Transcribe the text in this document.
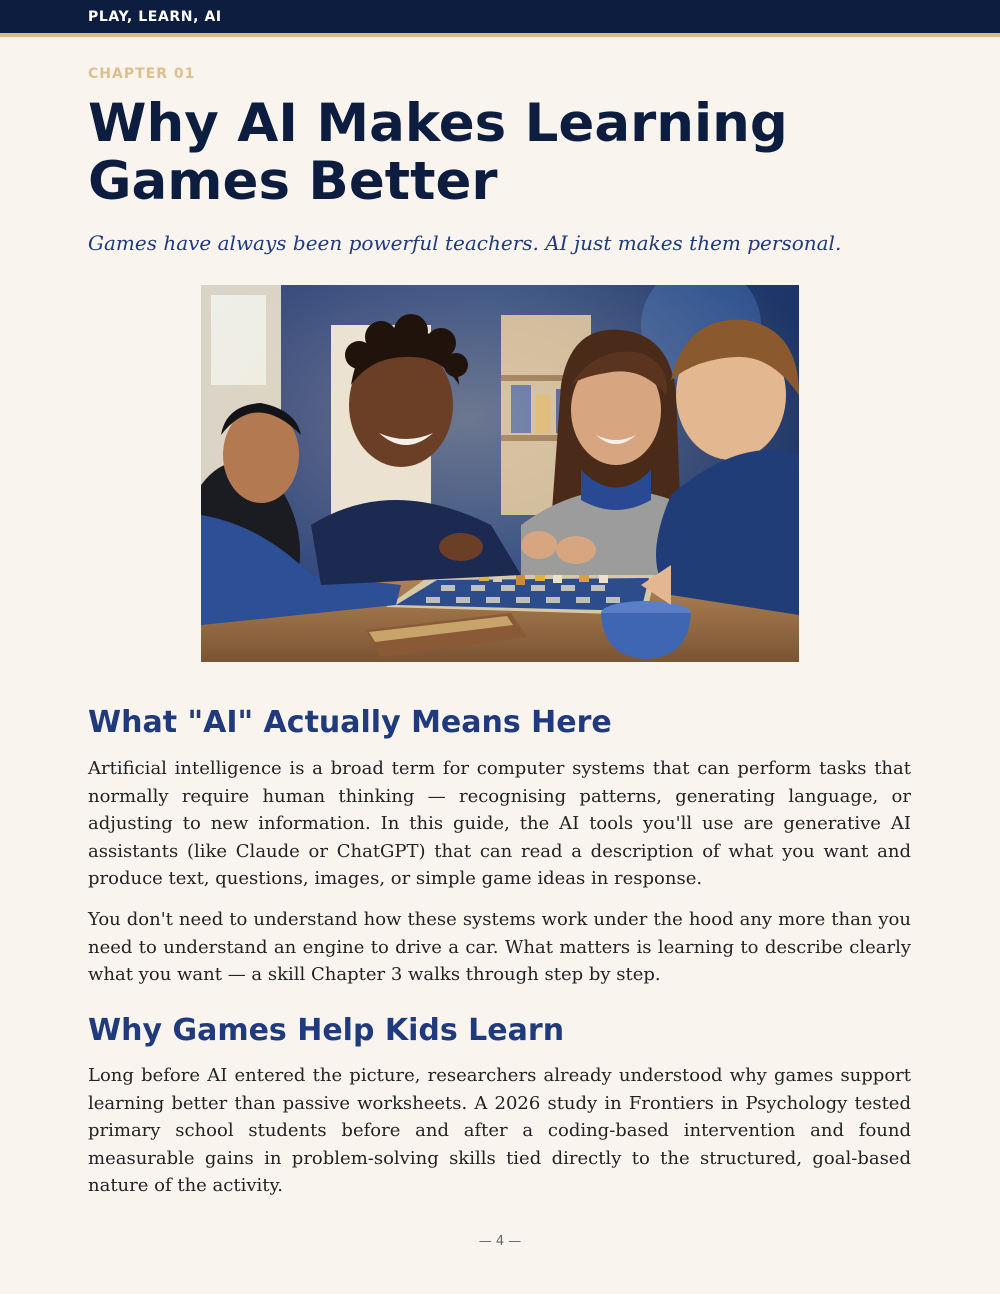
PLAY, LEARN, AI
CHAPTER 01
Why AI Makes Learning Games Better

Games have always been powerful teachers. AI just makes them personal.

What "AI" Actually Means Here

Artificial intelligence is a broad term for computer systems that can perform tasks that normally require human thinking — recognising patterns, generating language, or adjusting to new information. In this guide, the AI tools you'll use are generative AI assistants (like Claude or ChatGPT) that can read a description of what you want and produce text, questions, images, or simple game ideas in response.

You don't need to understand how these systems work under the hood any more than you need to understand an engine to drive a car. What matters is learning to describe clearly what you want — a skill Chapter 3 walks through step by step.

Why Games Help Kids Learn

Long before AI entered the picture, researchers already understood why games support learning better than passive worksheets. A 2026 study in Frontiers in Psychology tested primary school students before and after a coding-based intervention and found measurable gains in problem-solving skills tied directly to the structured, goal-based nature of the activity.

— 4 —
